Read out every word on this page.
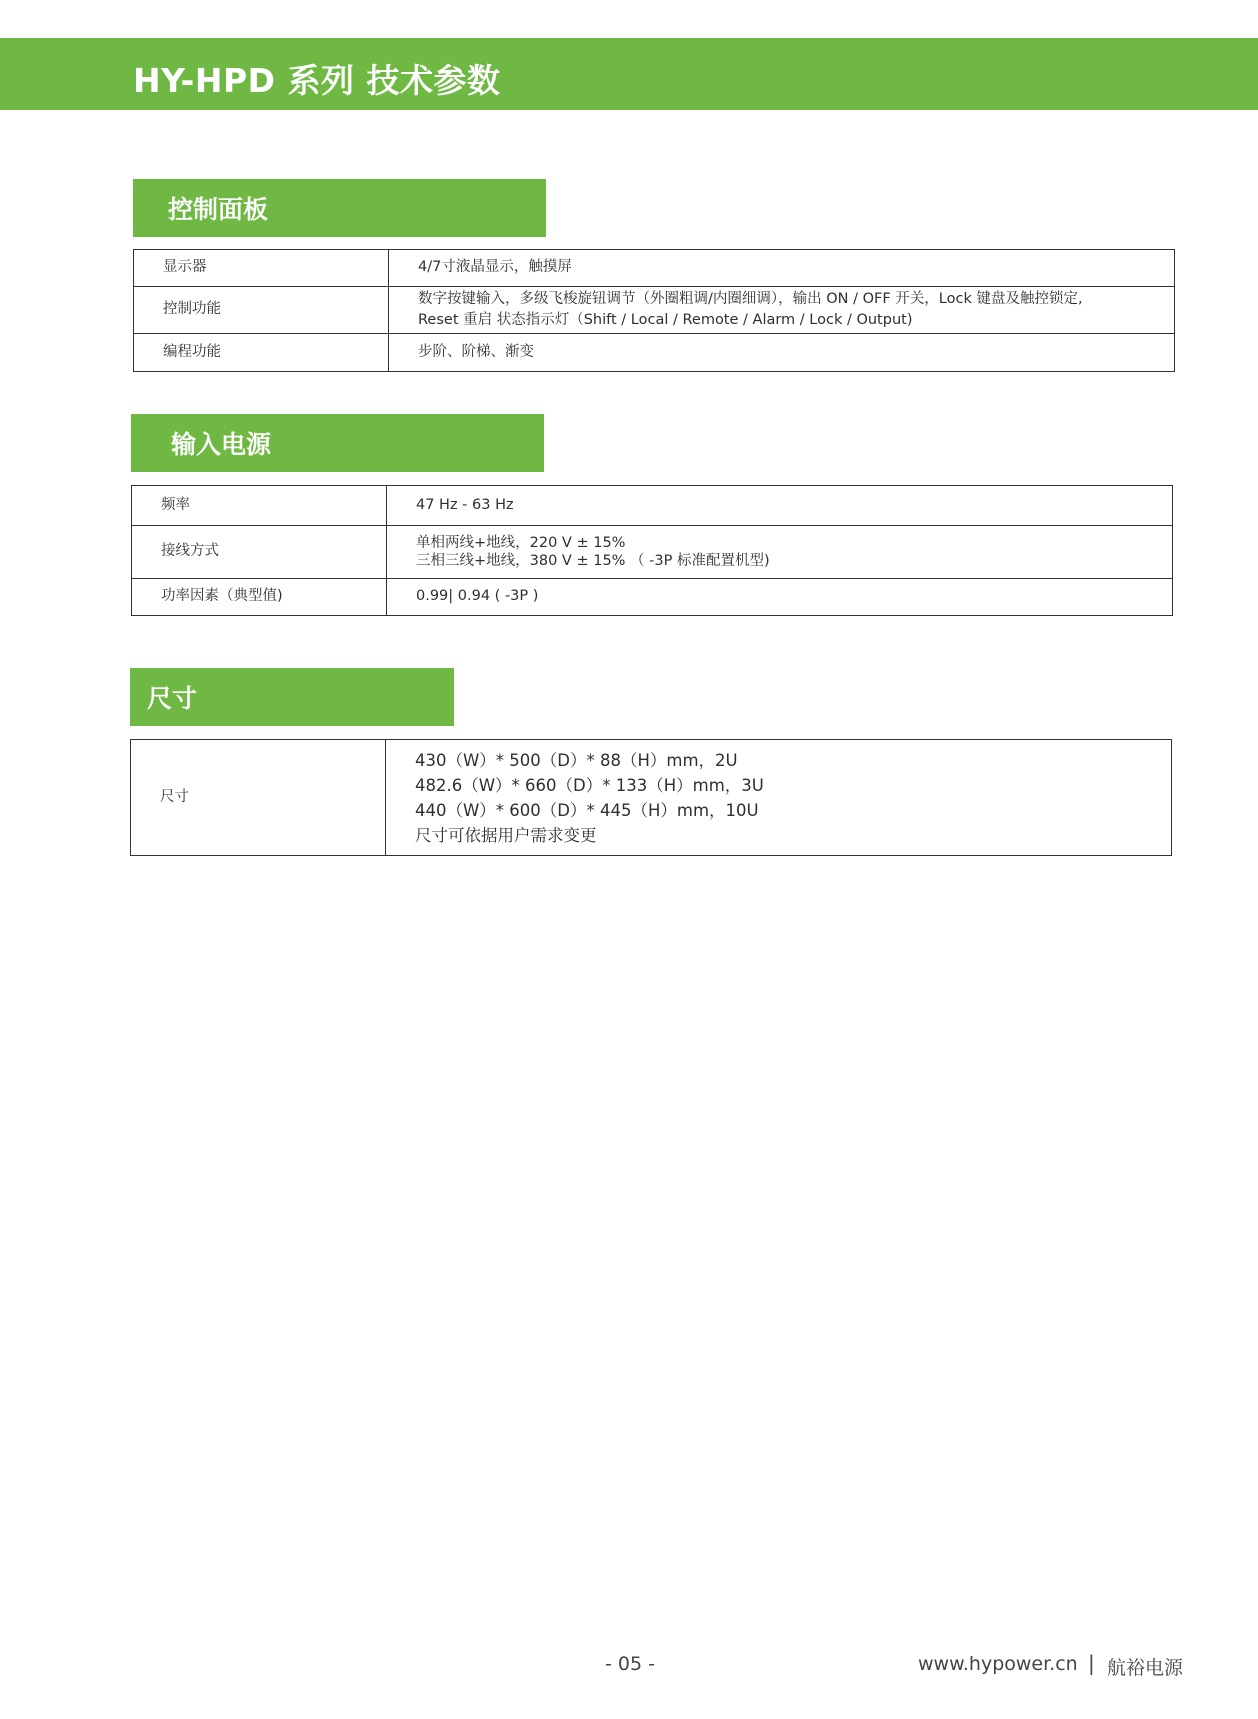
HY-HPD 系列 技术参数
控制面板
显示器	4/7寸液晶显示，触摸屏

控制功能	数字按键输入，多级飞梭旋钮调节（外圈粗调/内圈细调），输出 ON / OFF 开关，Lock 键盘及触控锁定,
Reset 重启 状态指示灯（Shift / Local / Remote / Alarm / Lock / Output)

编程功能	步阶、阶梯、渐变
输入电源
频率	47 Hz - 63 Hz

接线方式	单相两线+地线，220 V ± 15%
三相三线+地线，380 V ± 15% （ -3P 标准配置机型)

功率因素（典型值)	0.99| 0.94 ( -3P )
尺寸
尺寸	
430（W）* 500（D）* 88（H）mm，2U
482.6（W）* 660（D）* 133（H）mm，3U
440（W）* 600（D）* 445（H）mm，10U
尺寸可依据用户需求变更
- 05 -	www.hypower.cn | 航裕电源
